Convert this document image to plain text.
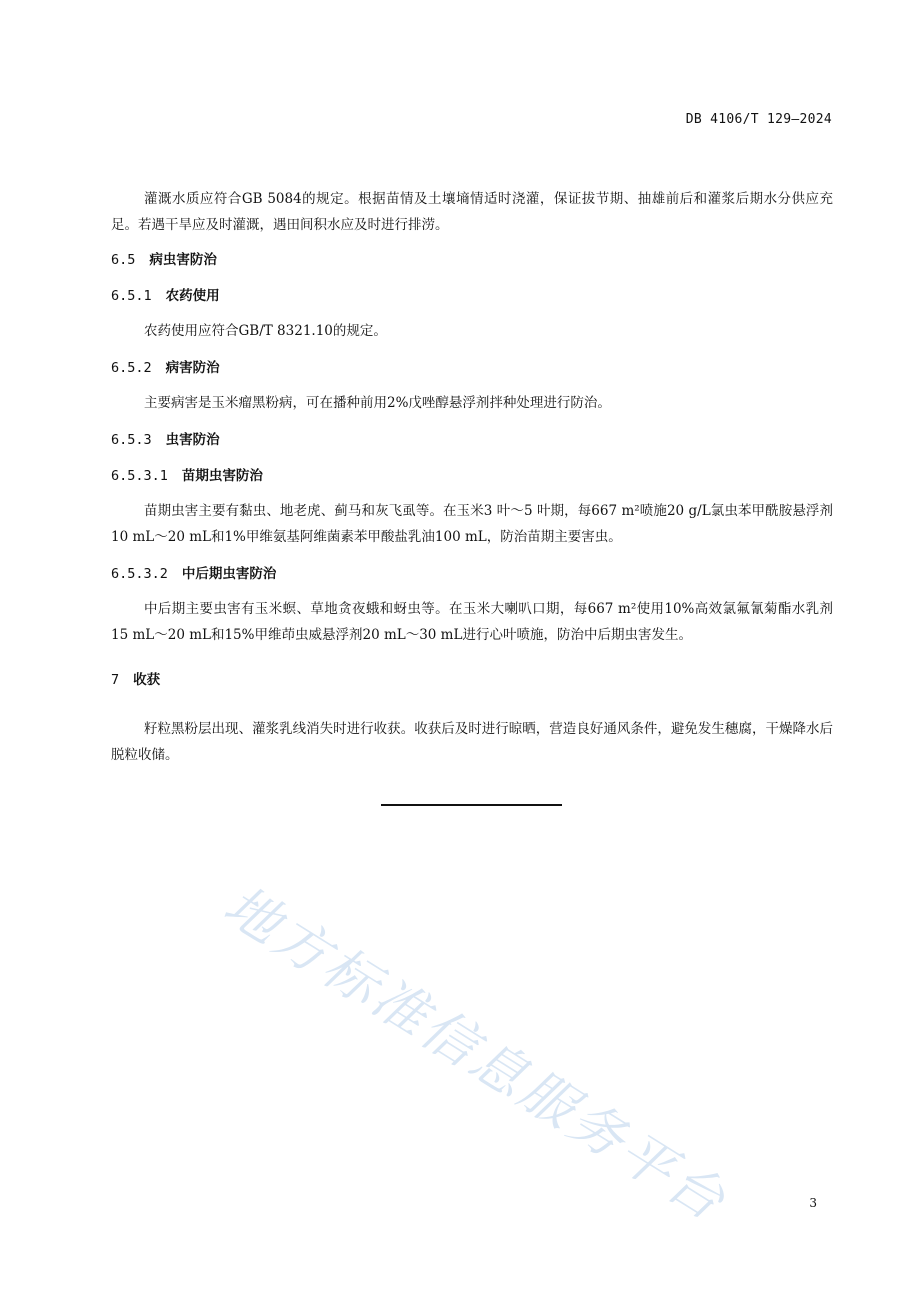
DB 4106/T 129—2024

灌溉水质应符合GB 5084的规定。根据苗情及土壤墒情适时浇灌，保证拔节期、抽雄前后和灌浆后期水分供应充足。若遇干旱应及时灌溉，遇田间积水应及时进行排涝。

6.5 病虫害防治
6.5.1 农药使用

农药使用应符合GB/T 8321.10的规定。

6.5.2 病害防治

主要病害是玉米瘤黑粉病，可在播种前用2%戊唑醇悬浮剂拌种处理进行防治。

6.5.3 虫害防治
6.5.3.1 苗期虫害防治

苗期虫害主要有黏虫、地老虎、蓟马和灰飞虱等。在玉米3 叶～5 叶期，每667 m²喷施20 g/L氯虫苯甲酰胺悬浮剂10 mL～20 mL和1%甲维氨基阿维菌素苯甲酸盐乳油100 mL，防治苗期主要害虫。

6.5.3.2 中后期虫害防治

中后期主要虫害有玉米螟、草地贪夜蛾和蚜虫等。在玉米大喇叭口期，每667 m²使用10%高效氯氟氰菊酯水乳剂15 mL～20 mL和15%甲维茚虫威悬浮剂20 mL～30 mL进行心叶喷施，防治中后期虫害发生。

7 收获

籽粒黑粉层出现、灌浆乳线消失时进行收获。收获后及时进行晾晒，营造良好通风条件，避免发生穗腐，干燥降水后脱粒收储。

地方标准信息服务平台	3
